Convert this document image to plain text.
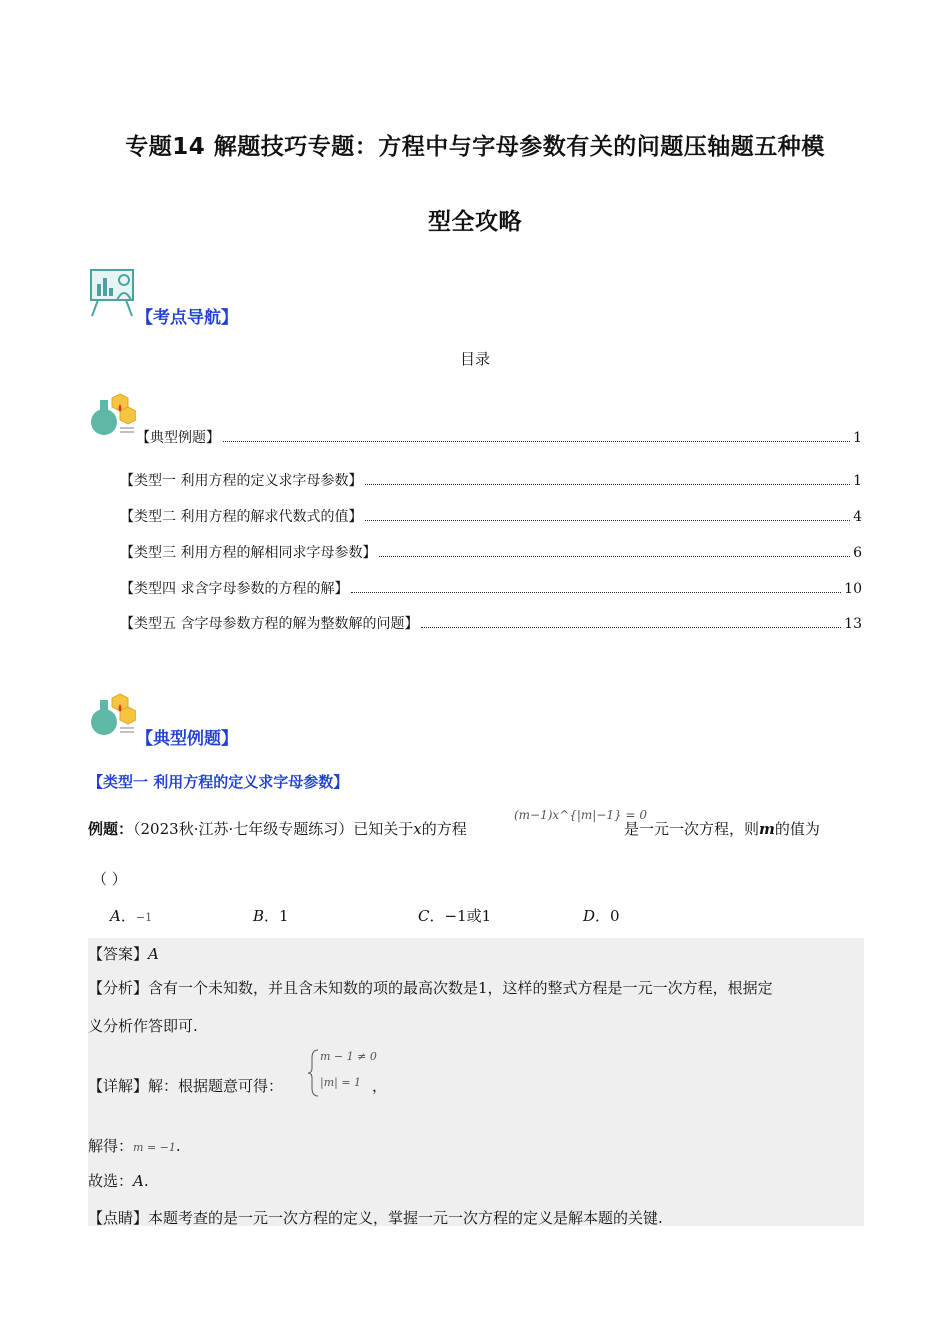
专题14 解题技巧专题：方程中与字母参数有关的问题压轴题五种模
型全攻略
【考点导航】
目录
【典型例题】	1
【类型一 利用方程的定义求字母参数】	1
【类型二 利用方程的解求代数式的值】	4
【类型三 利用方程的解相同求字母参数】	6
【类型四 求含字母参数的方程的解】	10
【类型五 含字母参数方程的解为整数解的问题】	13
【典型例题】
【类型一 利用方程的定义求字母参数】
例题：（2023秋·江苏·七年级专题练习）已知关于x的方程
(m−1)x^{|m|−1} = 0
是一元一次方程，则m的值为
（ ）
A．−1	B．1	C．−1或1	D．0
【答案】A
【分析】含有一个未知数，并且含未知数的项的最高次数是1，这样的整式方程是一元一次方程，根据定
义分析作答即可.
【详解】解：根据题意可得：
m − 1 ≠ 0
|m| = 1 ，
解得：m = −1.
故选：A.
【点睛】本题考查的是一元一次方程的定义，掌握一元一次方程的定义是解本题的关键.
